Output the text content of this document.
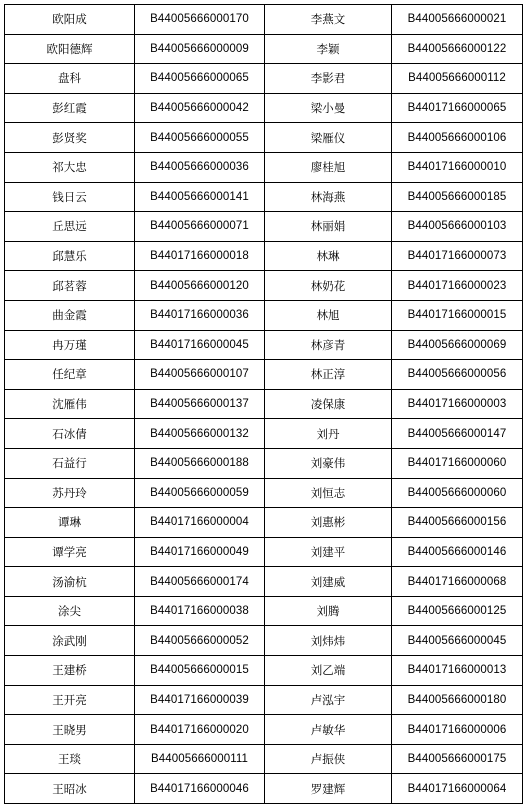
欧阳成	B44005666000170	李燕文	B44005666000021
欧阳德辉	B44005666000009	李颖	B44005666000122
盘科	B44005666000065	李影君	B44005666000112
彭红霞	B44005666000042	梁小曼	B44017166000065
彭贤奖	B44005666000055	梁雁仪	B44005666000106
祁大忠	B44005666000036	廖桂旭	B44017166000010
钱日云	B44005666000141	林海燕	B44005666000185
丘思远	B44005666000071	林丽娟	B44005666000103
邱慧乐	B44017166000018	林琳	B44017166000073
邱茗蓉	B44005666000120	林奶花	B44017166000023
曲金霞	B44017166000036	林旭	B44017166000015
冉万瑾	B44017166000045	林彦青	B44005666000069
任纪章	B44005666000107	林正淳	B44005666000056
沈雁伟	B44005666000137	凌保康	B44017166000003
石冰倩	B44005666000132	刘丹	B44005666000147
石益行	B44005666000188	刘豪伟	B44017166000060
苏丹玲	B44005666000059	刘恒志	B44005666000060
谭琳	B44017166000004	刘惠彬	B44005666000156
谭学亮	B44017166000049	刘建平	B44005666000146
汤渝杭	B44005666000174	刘建威	B44017166000068
涂尖	B44017166000038	刘腾	B44005666000125
涂武刚	B44005666000052	刘炜炜	B44005666000045
王建桥	B44005666000015	刘乙端	B44017166000013
王开亮	B44017166000039	卢泓宇	B44005666000180
王晓男	B44017166000020	卢敏华	B44017166000006
王琰	B44005666000111	卢振侠	B44005666000175
王昭冰	B44017166000046	罗建辉	B44017166000064
